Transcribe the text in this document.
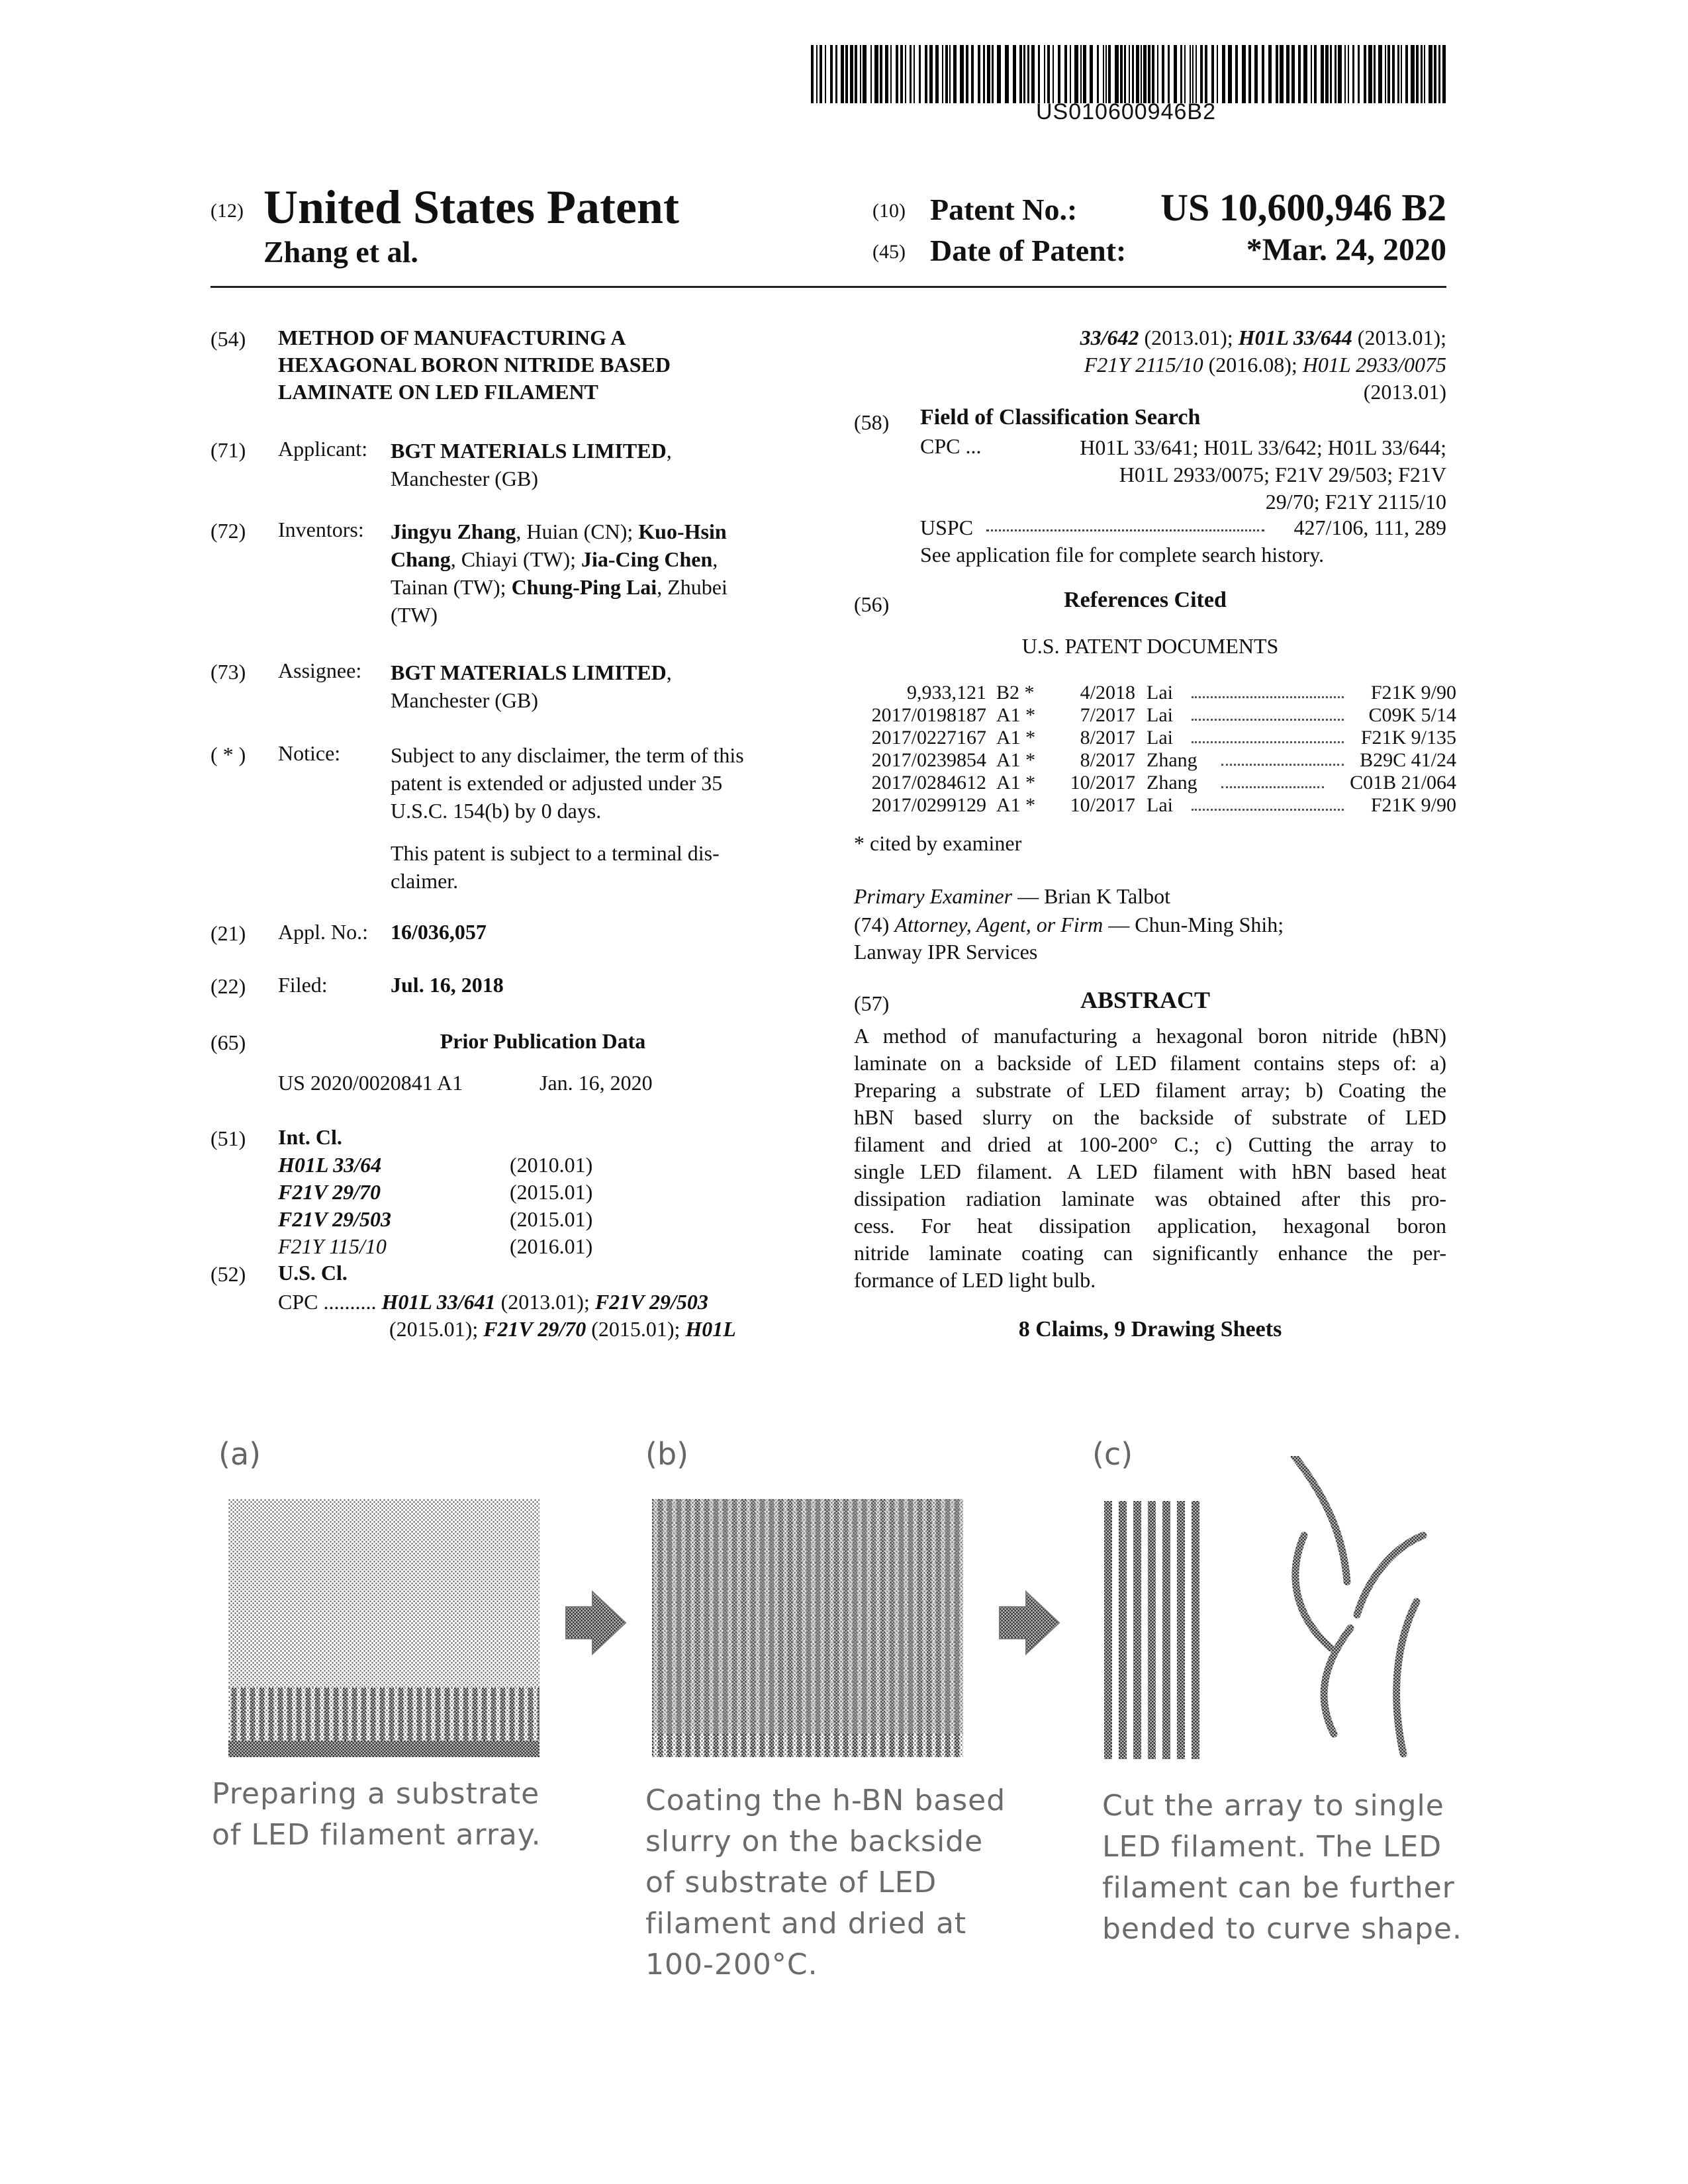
US010600946B2
(12) United States Patent
Zhang et al.
(10) Patent No.:	US 10,600,946 B2
(45) Date of Patent:	*Mar. 24, 2020
(54) METHOD OF MANUFACTURING A
HEXAGONAL BORON NITRIDE BASED
LAMINATE ON LED FILAMENT
(71) Applicant: BGT MATERIALS LIMITED,
Manchester (GB)
(72) Inventors: Jingyu Zhang, Huian (CN); Kuo-Hsin
Chang, Chiayi (TW); Jia-Cing Chen,
Tainan (TW); Chung-Ping Lai, Zhubei
(TW)
(73) Assignee: BGT MATERIALS LIMITED,
Manchester (GB)
( * ) Notice: Subject to any disclaimer, the term of this
patent is extended or adjusted under 35
U.S.C. 154(b) by 0 days.
This patent is subject to a terminal dis-
claimer.
(21) Appl. No.: 16/036,057
(22) Filed:	Jul. 16, 2018
(65)	Prior Publication Data
US 2020/0020841 A1	Jan. 16, 2020
(51) Int. Cl.
H01L 33/64	(2010.01)
F21V 29/70	(2015.01)
F21V 29/503	(2015.01)
F21Y 115/10	(2016.01)
(52) U.S. Cl.
CPC .......... H01L 33/641 (2013.01); F21V 29/503
(2015.01); F21V 29/70 (2015.01); H01L
33/642 (2013.01); H01L 33/644 (2013.01);
F21Y 2115/10 (2016.08); H01L 2933/0075
(2013.01)
(58) Field of Classification Search
CPC ...	H01L 33/641; H01L 33/642; H01L 33/644;
H01L 2933/0075; F21V 29/503; F21V
29/70; F21Y 2115/10
USPC	427/106, 111, 289
See application file for complete search history.
(56)	References Cited
U.S. PATENT DOCUMENTS
9,933,121 B2 *	4/2018 Lai	F21K 9/90
2017/0198187 A1 *	7/2017 Lai	C09K 5/14
2017/0227167 A1 *	8/2017 Lai	F21K 9/135
2017/0239854 A1 *	8/2017 Zhang	B29C 41/24
2017/0284612 A1 *	10/2017 Zhang	C01B 21/064
2017/0299129 A1 *	10/2017 Lai	F21K 9/90
* cited by examiner
Primary Examiner — Brian K Talbot
(74) Attorney, Agent, or Firm — Chun-Ming Shih;
Lanway IPR Services
(57)	ABSTRACT
A method of manufacturing a hexagonal boron nitride (hBN)
laminate on a backside of LED filament contains steps of: a)
Preparing a substrate of LED filament array; b) Coating the
hBN based slurry on the backside of substrate of LED
filament and dried at 100-200° C.; c) Cutting the array to
single LED filament. A LED filament with hBN based heat
dissipation radiation laminate was obtained after this pro-
cess. For heat dissipation application, hexagonal boron
nitride laminate coating can significantly enhance the per-
formance of LED light bulb.
8 Claims, 9 Drawing Sheets
(a)	(b)	(c)
Preparing a substrate
of LED filament array.
Coating the h-BN based
slurry on the backside
of substrate of LED
filament and dried at
100-200°C.
Cut the array to single
LED filament. The LED
filament can be further
bended to curve shape.
